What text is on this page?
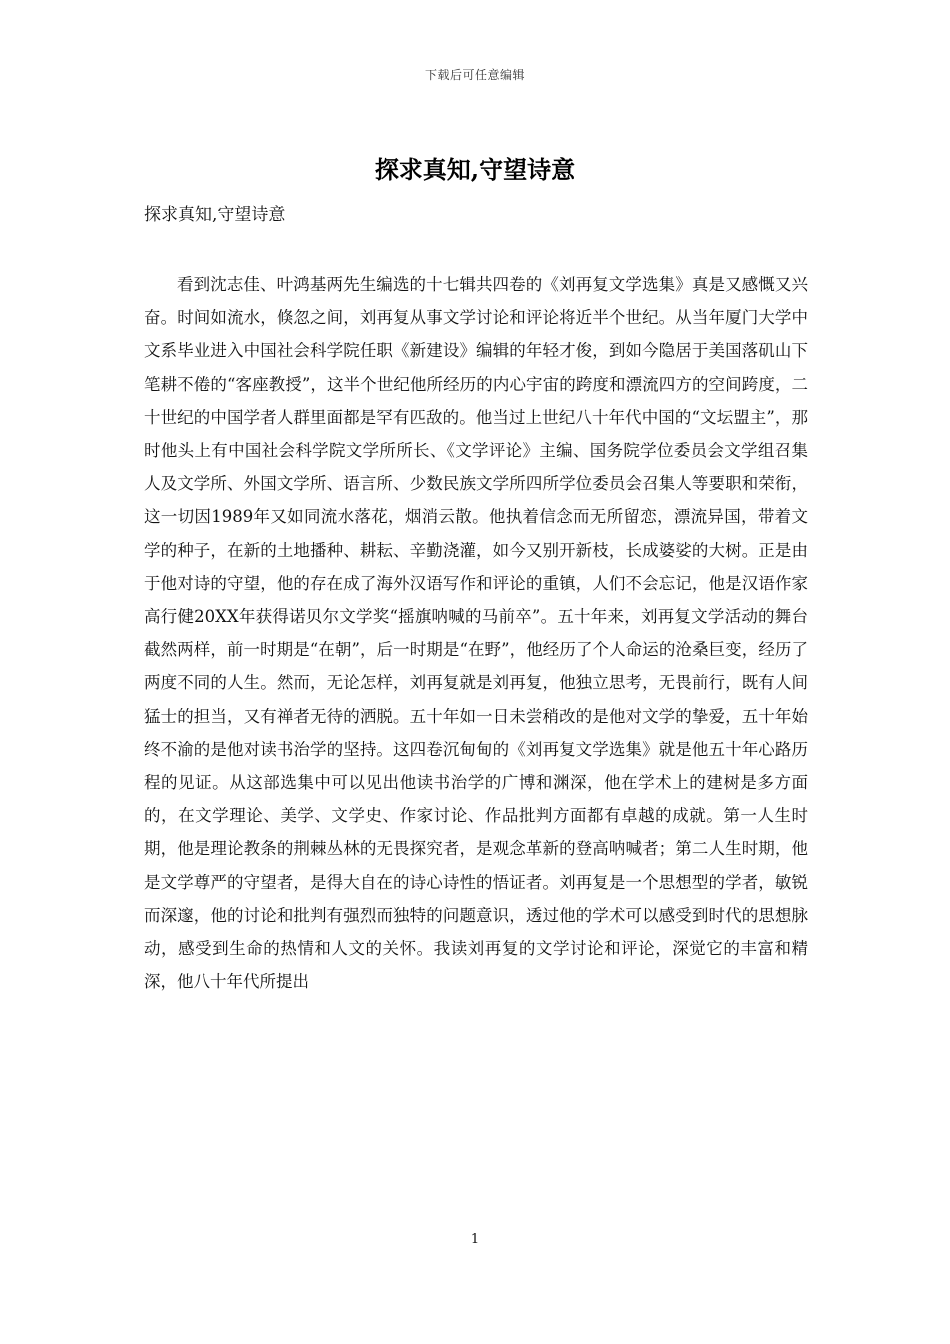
下载后可任意编辑
探求真知,守望诗意

探求真知,守望诗意

看到沈志佳、叶鸿基两先生编选的十七辑共四卷的《刘再复文学选集》真是又感慨又兴奋。时间如流水，倏忽之间，刘再复从事文学讨论和评论将近半个世纪。从当年厦门大学中文系毕业进入中国社会科学院任职《新建设》编辑的年轻才俊，到如今隐居于美国落矶山下笔耕不倦的“客座教授”，这半个世纪他所经历的内心宇宙的跨度和漂流四方的空间跨度，二十世纪的中国学者人群里面都是罕有匹敌的。他当过上世纪八十年代中国的“文坛盟主”，那时他头上有中国社会科学院文学所所长、《文学评论》主编、国务院学位委员会文学组召集人及文学所、外国文学所、语言所、少数民族文学所四所学位委员会召集人等要职和荣衔，这一切因1989年又如同流水落花，烟消云散。他执着信念而无所留恋，漂流异国，带着文学的种子，在新的土地播种、耕耘、辛勤浇灌，如今又别开新枝，长成婆娑的大树。正是由于他对诗的守望，他的存在成了海外汉语写作和评论的重镇，人们不会忘记，他是汉语作家高行健20XX年获得诺贝尔文学奖“摇旗呐喊的马前卒”。五十年来，刘再复文学活动的舞台截然两样，前一时期是“在朝”，后一时期是“在野”，他经历了个人命运的沧桑巨变，经历了两度不同的人生。然而，无论怎样，刘再复就是刘再复，他独立思考，无畏前行，既有人间猛士的担当，又有禅者无待的洒脱。五十年如一日未尝稍改的是他对文学的挚爱，五十年始终不渝的是他对读书治学的坚持。这四卷沉甸甸的《刘再复文学选集》就是他五十年心路历程的见证。从这部选集中可以见出他读书治学的广博和渊深，他在学术上的建树是多方面的，在文学理论、美学、文学史、作家讨论、作品批判方面都有卓越的成就。第一人生时期，他是理论教条的荆棘丛林的无畏探究者，是观念革新的登高呐喊者；第二人生时期，他是文学尊严的守望者，是得大自在的诗心诗性的悟证者。刘再复是一个思想型的学者，敏锐而深邃，他的讨论和批判有强烈而独特的问题意识，透过他的学术可以感受到时代的思想脉动，感受到生命的热情和人文的关怀。我读刘再复的文学讨论和评论，深觉它的丰富和精深，他八十年代所提出

1
